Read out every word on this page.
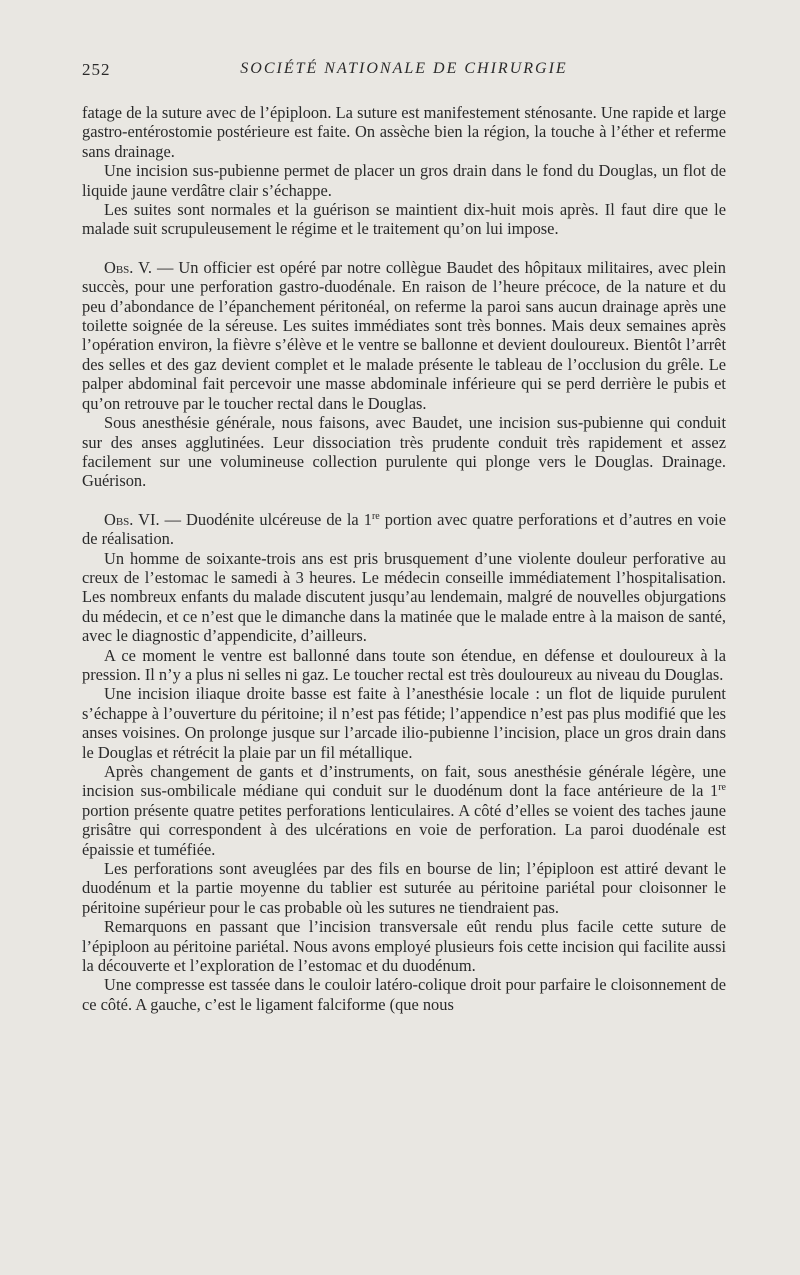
252	SOCIÉTÉ NATIONALE DE CHIRURGIE

fatage de la suture avec de l’épiploon. La suture est manifestement sténosante. Une rapide et large gastro-entérostomie postérieure est faite. On assèche bien la région, la touche à l’éther et referme sans drainage.

Une incision sus-pubienne permet de placer un gros drain dans le fond du Douglas, un flot de liquide jaune verdâtre clair s’échappe.

Les suites sont normales et la guérison se maintient dix-huit mois après. Il faut dire que le malade suit scrupuleusement le régime et le traitement qu’on lui impose.

Obs. V. — Un officier est opéré par notre collègue Baudet des hôpitaux militaires, avec plein succès, pour une perforation gastro-duodénale. En raison de l’heure précoce, de la nature et du peu d’abondance de l’épanchement péritonéal, on referme la paroi sans aucun drainage après une toilette soignée de la séreuse. Les suites immédiates sont très bonnes. Mais deux semaines après l’opération environ, la fièvre s’élève et le ventre se ballonne et devient douloureux. Bientôt l’arrêt des selles et des gaz devient complet et le malade présente le tableau de l’occlusion du grêle. Le palper abdominal fait percevoir une masse abdominale inférieure qui se perd derrière le pubis et qu’on retrouve par le toucher rectal dans le Douglas.

Sous anesthésie générale, nous faisons, avec Baudet, une incision sus-pubienne qui conduit sur des anses agglutinées. Leur dissociation très prudente conduit très rapidement et assez facilement sur une volumineuse collection purulente qui plonge vers le Douglas. Drainage. Guérison.

Obs. VI. — Duodénite ulcéreuse de la 1re portion avec quatre perforations et d’autres en voie de réalisation.

Un homme de soixante-trois ans est pris brusquement d’une violente douleur perforative au creux de l’estomac le samedi à 3 heures. Le médecin conseille immédiatement l’hospitalisation. Les nombreux enfants du malade discutent jusqu’au lendemain, malgré de nouvelles objurgations du médecin, et ce n’est que le dimanche dans la matinée que le malade entre à la maison de santé, avec le diagnostic d’appendicite, d’ailleurs.

A ce moment le ventre est ballonné dans toute son étendue, en défense et douloureux à la pression. Il n’y a plus ni selles ni gaz. Le toucher rectal est très douloureux au niveau du Douglas.

Une incision iliaque droite basse est faite à l’anesthésie locale : un flot de liquide purulent s’échappe à l’ouverture du péritoine; il n’est pas fétide; l’appendice n’est pas plus modifié que les anses voisines. On prolonge jusque sur l’arcade ilio-pubienne l’incision, place un gros drain dans le Douglas et rétrécit la plaie par un fil métallique.

Après changement de gants et d’instruments, on fait, sous anesthésie générale légère, une incision sus-ombilicale médiane qui conduit sur le duodénum dont la face antérieure de la 1re portion présente quatre petites perforations lenticulaires. A côté d’elles se voient des taches jaune grisâtre qui correspondent à des ulcérations en voie de perforation. La paroi duodénale est épaissie et tuméfiée.

Les perforations sont aveuglées par des fils en bourse de lin; l’épiploon est attiré devant le duodénum et la partie moyenne du tablier est suturée au péritoine pariétal pour cloisonner le péritoine supérieur pour le cas probable où les sutures ne tiendraient pas.

Remarquons en passant que l’incision transversale eût rendu plus facile cette suture de l’épiploon au péritoine pariétal. Nous avons employé plusieurs fois cette incision qui facilite aussi la découverte et l’exploration de l’estomac et du duodénum.

Une compresse est tassée dans le couloir latéro-colique droit pour parfaire le cloisonnement de ce côté. A gauche, c’est le ligament falciforme (que nous
